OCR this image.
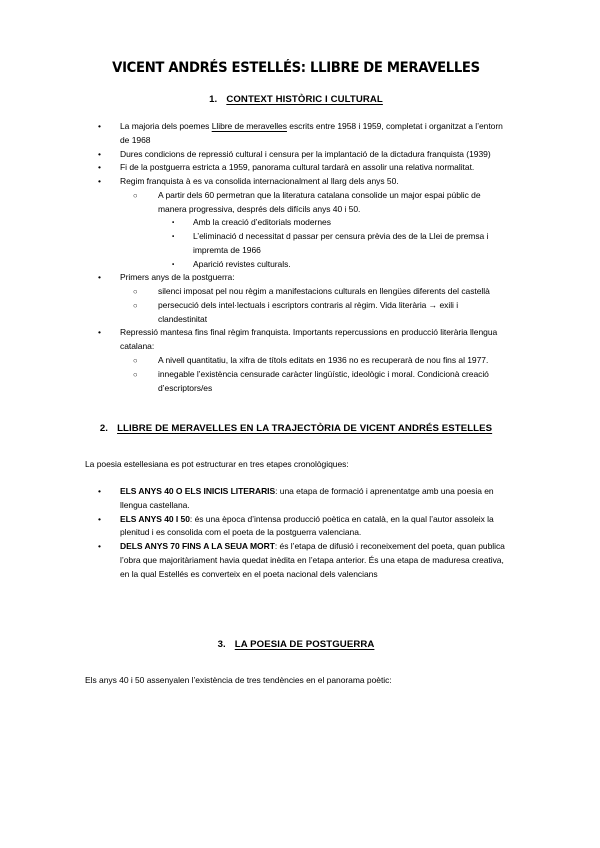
VICENT ANDRÉS ESTELLÉS: LLIBRE DE MERAVELLES
1. CONTEXT HISTÒRIC I CULTURAL
•
La majoria dels poemes Llibre de meravelles escrits entre 1958 i 1959, completat i organitzat a l’entorn de 1968
•
Dures condicions de repressió cultural i censura per la implantació de la dictadura franquista (1939)
•
Fi de la postguerra estricta a 1959, panorama cultural tardarà en assolir una relativa normalitat.
•
Regim franquista à es va consolida internacionalment al llarg dels anys 50.
○
A partir dels 60 permetran que la literatura catalana consolide un major espai públic de manera progressiva, després dels difícils anys 40 i 50.
▪
Amb la creació d’editorials modernes
▪
L’eliminació d necessitat d passar per censura prèvia des de la Llei de premsa i impremta de 1966
▪
Aparició revistes culturals.
•
Primers anys de la postguerra:
○
silenci imposat pel nou règim a manifestacions culturals en llengües diferents del castellà
○
persecució dels intel·lectuals i escriptors contraris al règim. Vida literària → exili i clandestinitat
•
Repressió mantesa fins final règim franquista. Importants repercussions en producció literària llengua catalana:
○
A nivell quantitatiu, la xifra de títols editats en 1936 no es recuperarà de nou fins al 1977.
○
innegable l’existència censurade caràcter lingüístic, ideològic i moral. Condicionà creació d’escriptors/es
2. LLIBRE DE MERAVELLES EN LA TRAJECTÒRIA DE VICENT ANDRÉS ESTELLES

La poesia estellesiana es pot estructurar en tres etapes cronològiques:

•
ELS ANYS 40 O ELS INICIS LITERARIS: una etapa de formació i aprenentatge amb una poesia en llengua castellana.
•
ELS ANYS 40 I 50: és una època d’intensa producció poètica en català, en la qual l’autor assoleix la plenitud i es consolida com el poeta de la postguerra valenciana.
•
DELS ANYS 70 FINS A LA SEUA MORT: és l’etapa de difusió i reconeixement del poeta, quan publica l’obra que majoritàriament havia quedat inèdita en l’etapa anterior. És una etapa de maduresa creativa, en la qual Estellés es converteix en el poeta nacional dels valencians
3. LA POESIA DE POSTGUERRA

Els anys 40 i 50 assenyalen l’existència de tres tendències en el panorama poètic:
